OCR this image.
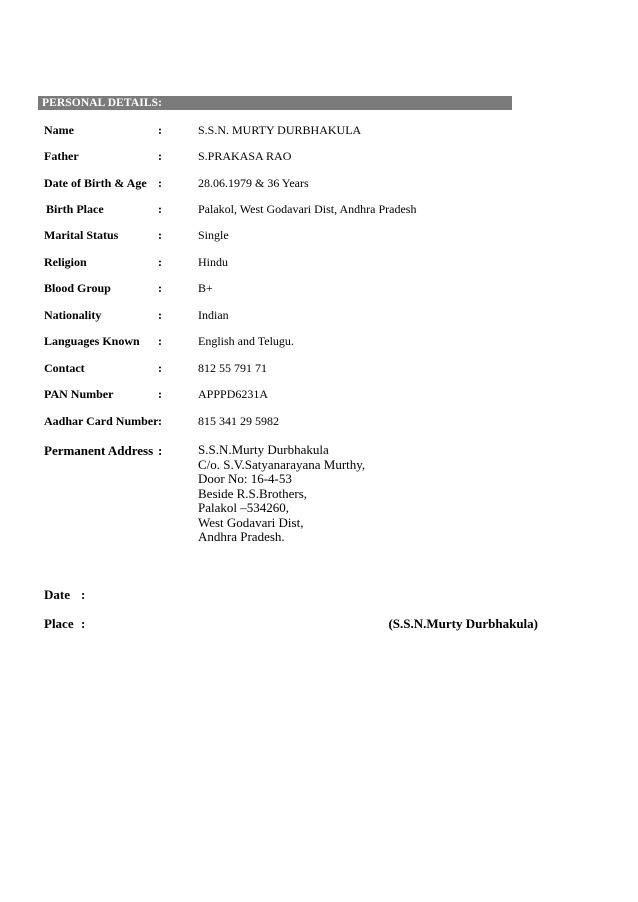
PERSONAL DETAILS:
Name	:	S.S.N. MURTY DURBHAKULA
Father	:	S.PRAKASA RAO
Date of Birth & Age :	28.06.1979 & 36 Years
Birth Place	:	Palakol, West Godavari Dist, Andhra Pradesh
Marital Status	:	Single
Religion	:	Hindu
Blood Group	:	B+
Nationality	:	Indian
Languages Known :	English and Telugu.
Contact	:	812 55 791 71
PAN Number	:	APPPD6231A
Aadhar Card Number :	815 341 29 5982
Permanent Address :	S.S.N.Murty Durbhakula
C/o. S.V.Satyanarayana Murthy,
Door No: 16-4-53
Beside R.S.Brothers,
Palakol –534260,
West Godavari Dist,
Andhra Pradesh.
Date :
Place :	(S.S.N.Murty Durbhakula)
